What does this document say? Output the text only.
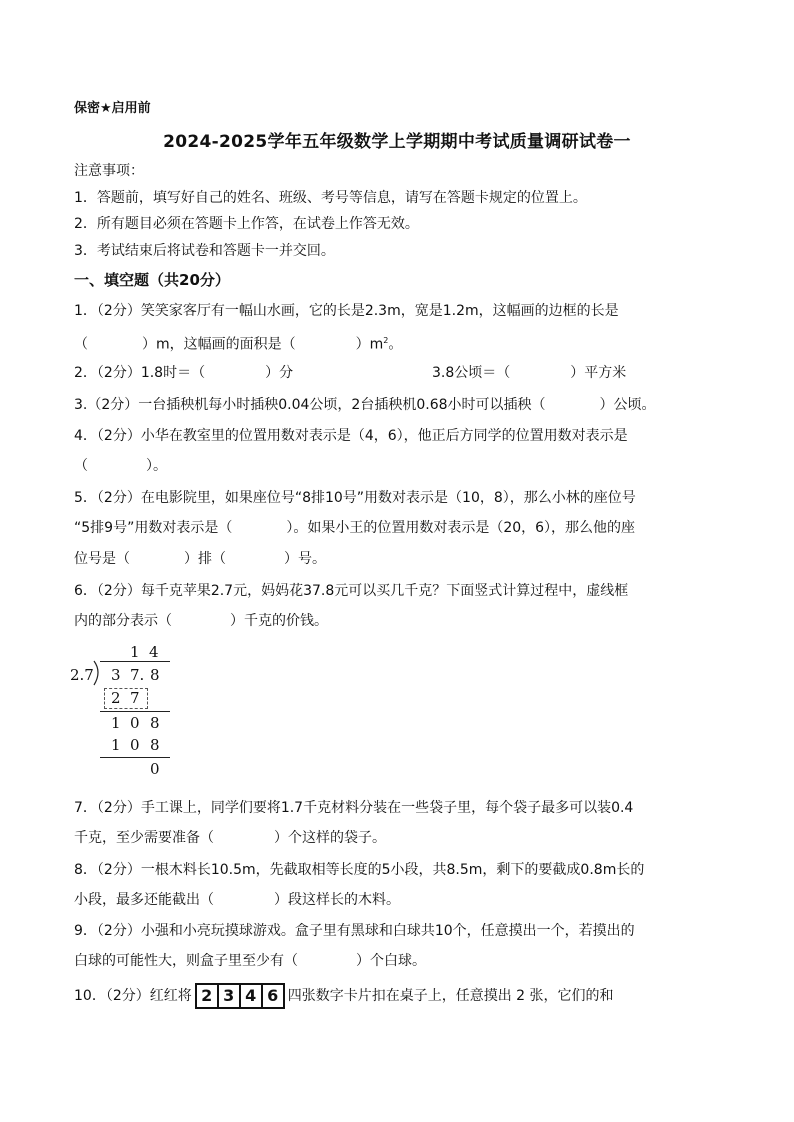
保密★启用前
2024-2025学年五年级数学上学期期中考试质量调研试卷一
注意事项：
1．答题前，填写好自己的姓名、班级、考号等信息，请写在答题卡规定的位置上。
2．所有题目必须在答题卡上作答，在试卷上作答无效。
3．考试结束后将试卷和答题卡一并交回。
一、填空题（共20分）
1．（2分）笑笑家客厅有一幅山水画，它的长是2.3m，宽是1.2m，这幅画的边框的长是
（	）m，这幅画的面积是（	）$m^2$。
2．（2分）1.8时＝（	）分	3.8公顷＝（	）平方米
3.（2分）一台插秧机每小时插秧0.04公顷，2台插秧机0.68小时可以插秧（	）公顷。
4．（2分）小华在教室里的位置用数对表示是（4，6），他正后方同学的位置用数对表示是
（	）。
5．（2分）在电影院里，如果座位号“8排10号”用数对表示是（10，8），那么小林的座位号
“5排9号”用数对表示是（	）。如果小王的位置用数对表示是（20，6），那么他的座
位号是（	）排（	）号。
6．（2分）每千克苹果2.7元，妈妈花37.8元可以买几千克？下面竖式计算过程中，虚线框
内的部分表示（	）千克的价钱。
1 4
2.7 3 7. 8
2 7
1 0 8
1 0 8
0
7．（2分）手工课上，同学们要将1.7千克材料分装在一些袋子里，每个袋子最多可以装0.4
千克，至少需要准备（	）个这样的袋子。
8．（2分）一根木料长10.5m，先截取相等长度的5小段，共8.5m，剩下的要截成0.8m长的
小段，最多还能截出（	）段这样长的木料。
9．（2分）小强和小亮玩摸球游戏。盒子里有黑球和白球共10个，任意摸出一个，若摸出的
白球的可能性大，则盒子里至少有（	）个白球。
10．（2分）红红将 2 3 4 6 四张数字卡片扣在桌子上，任意摸出 2 张，它们的和
